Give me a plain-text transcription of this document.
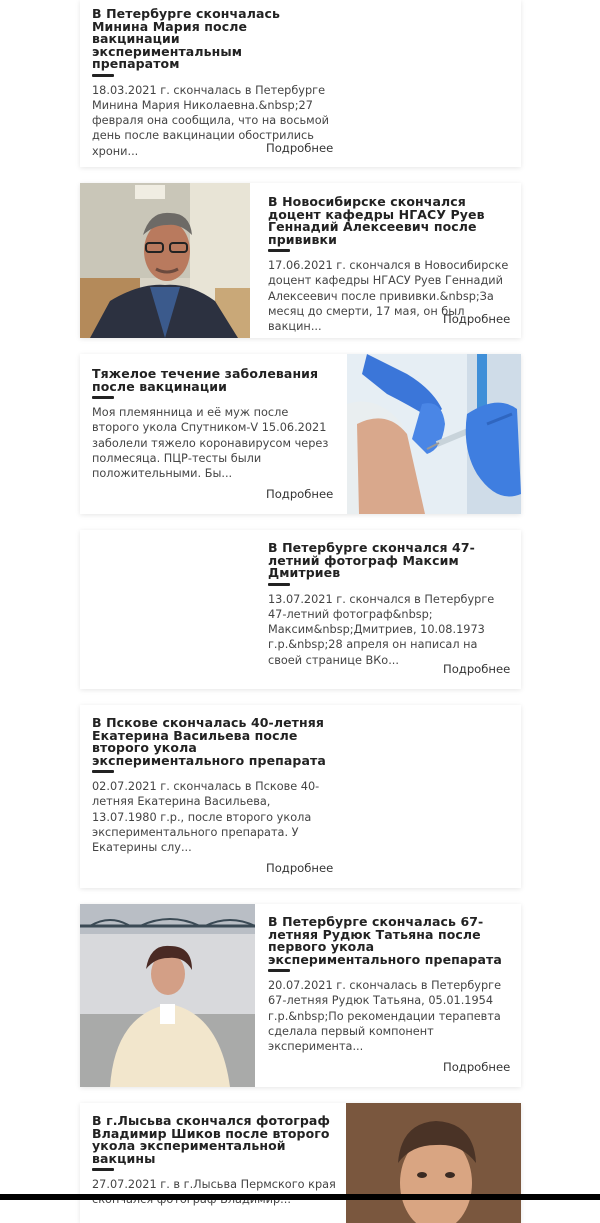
В Петербурге скончалась Минина Мария после вакцинации экспериментальным препаратом

18.03.2021 г. скончалась в Петербурге Минина Мария Николаевна.&nbsp;27 февраля она сообщила, что на восьмой день после вакцинации обострились хрони...	Подробнее
В Новосибирске скончался доцент кафедры НГАСУ Руев Геннадий Алексеевич после прививки

17.06.2021 г. скончался в Новосибирске доцент кафедры НГАСУ Руев Геннадий Алексеевич после прививки.&nbsp;За месяц до смерти, 17 мая, он был вакцин...

Подробнее
Тяжелое течение заболевания после вакцинации

Моя племянница и её муж после второго укола Спутником-V 15.06.2021 заболели тяжело коронавирусом через полмесяца. ПЦР-тесты были положительными. Бы...

Подробнее
В Петербурге скончался 47-летний фотограф Максим Дмитриев

13.07.2021 г. скончался в Петербурге 47-летний фотограф&nbsp; Максим&nbsp;Дмитриев, 10.08.1973 г.р.&nbsp;28 апреля он написал на своей странице ВКо...

Подробнее
В Пскове скончалась 40-летняя Екатерина Васильева после второго укола экспериментального препарата

02.07.2021 г. скончалась в Пскове 40-летняя Екатерина Васильева, 13.07.1980 г.р., после второго укола экспериментального препарата. У Екатерины слу...

Подробнее
В Петербурге скончалась 67-летняя Рудюк Татьяна после первого укола экспериментального препарата

20.07.2021 г. скончалась в Петербурге 67-летняя Рудюк Татьяна, 05.01.1954 г.р.&nbsp;По рекомендации терапевта сделала первый компонент эксперимента...

Подробнее
В г.Лысьва скончался фотограф Владимир Шиков после второго укола экспериментальной вакцины

27.07.2021 г. в г.Лысьва Пермского края
